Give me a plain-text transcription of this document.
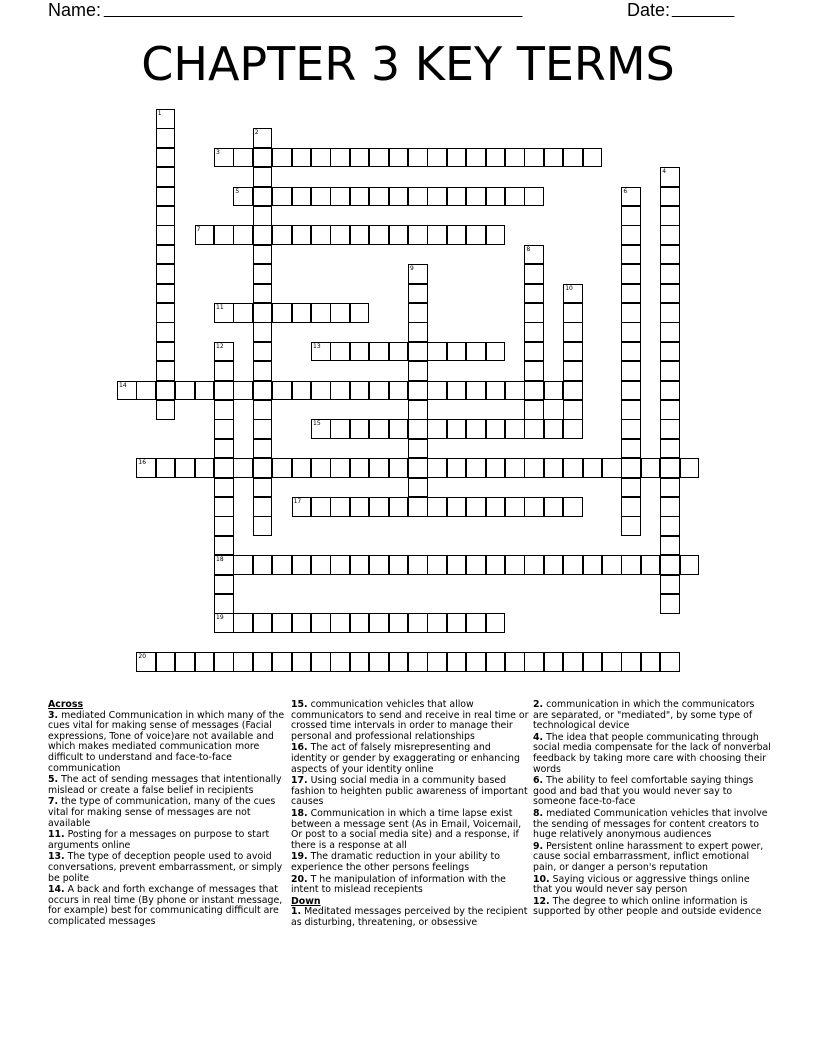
Name: _______________________________________________	Date: _______
CHAPTER 3 KEY TERMS
3
5
7
11
13
14
15
16
17
18
19
20
1
2
4
6
8
9
10
12
Across
3. mediated Communication in which many of the cues vital for making sense of messages (Facial expressions, Tone of voice)are not available and which makes mediated communication more difficult to understand and face-to-face communication
5. The act of sending messages that intentionally mislead or create a false belief in recipients
7. the type of communication, many of the cues vital for making sense of messages are not available
11. Posting for a messages on purpose to start arguments online
13. The type of deception people used to avoid conversations, prevent embarrassment, or simply be polite
14. A back and forth exchange of messages that occurs in real time (By phone or instant message, for example) best for communicating difficult are complicated messages
15. communication vehicles that allow communicators to send and receive in real time or crossed time intervals in order to manage their personal and professional relationships
16. The act of falsely misrepresenting and identity or gender by exaggerating or enhancing aspects of your identity online
17. Using social media in a community based fashion to heighten public awareness of important causes
18. Communication in which a time lapse exist between a message sent (As in Email, Voicemail, Or post to a social media site) and a response, if there is a response at all
19. The dramatic reduction in your ability to experience the other persons feelings
20. T he manipulation of information with the intent to mislead recepients
Down
1. Meditated messages perceived by the recipient as disturbing, threatening, or obsessive
2. communication in which the communicators are separated, or "mediated", by some type of technological device
4. The idea that people communicating through social media compensate for the lack of nonverbal feedback by taking more care with choosing their words
6. The ability to feel comfortable saying things good and bad that you would never say to someone face-to-face
8. mediated Communication vehicles that involve the sending of messages for content creators to huge relatively anonymous audiences
9. Persistent online harassment to expert power, cause social embarrassment, inflict emotional pain, or danger a person's reputation
10. Saying vicious or aggressive things online that you would never say person
12. The degree to which online information is supported by other people and outside evidence
